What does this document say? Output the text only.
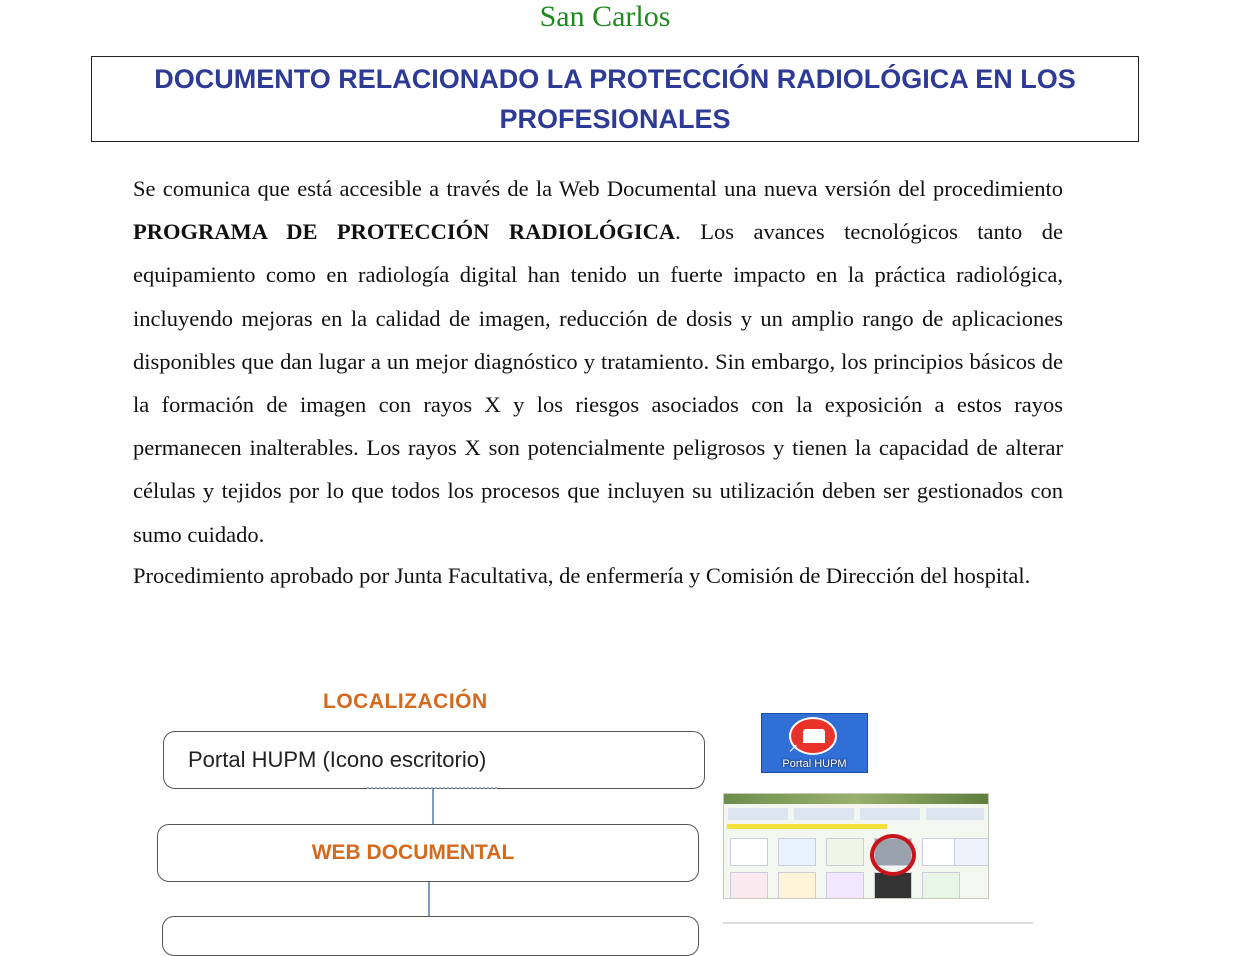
San Carlos
DOCUMENTO RELACIONADO LA PROTECCIÓN RADIOLÓGICA EN LOS PROFESIONALES
Se comunica que está accesible a través de la Web Documental una nueva versión del procedimiento PROGRAMA DE PROTECCIÓN RADIOLÓGICA. Los avances tecnológicos tanto de equipamiento como en radiología digital han tenido un fuerte impacto en la práctica radiológica, incluyendo mejoras en la calidad de imagen, reducción de dosis y un amplio rango de aplicaciones disponibles que dan lugar a un mejor diagnóstico y tratamiento. Sin embargo, los principios básicos de la formación de imagen con rayos X y los riesgos asociados con la exposición a estos rayos permanecen inalterables. Los rayos X son potencialmente peligrosos y tienen la capacidad de alterar células y tejidos por lo que todos los procesos que incluyen su utilización deben ser gestionados con sumo cuidado.
Procedimiento aprobado por Junta Facultativa, de enfermería y Comisión de Dirección del hospital.
LOCALIZACIÓN
Portal HUPM (Icono escritorio)
WEB DOCUMENTAL
↗
Portal HUPM
